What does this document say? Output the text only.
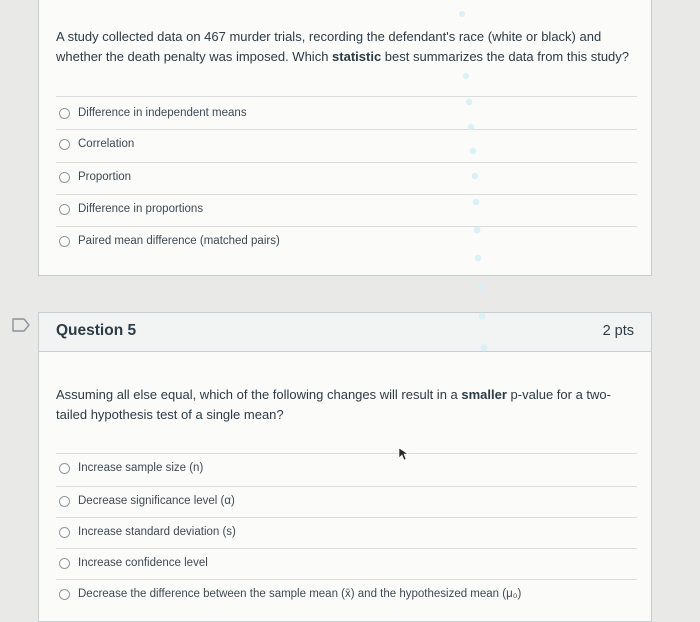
A study collected data on 467 murder trials, recording the defendant's race (white or black) and whether the death penalty was imposed. Which statistic best summarizes the data from this study?
Difference in independent means
Correlation
Proportion
Difference in proportions
Paired mean difference (matched pairs)
Question 5	2 pts
Assuming all else equal, which of the following changes will result in a smaller p-value for a two-tailed hypothesis test of a single mean?
Increase sample size (n)
Decrease significance level (α)
Increase standard deviation (s)
Increase confidence level
Decrease the difference between the sample mean (x̄) and the hypothesized mean (μ₀)
